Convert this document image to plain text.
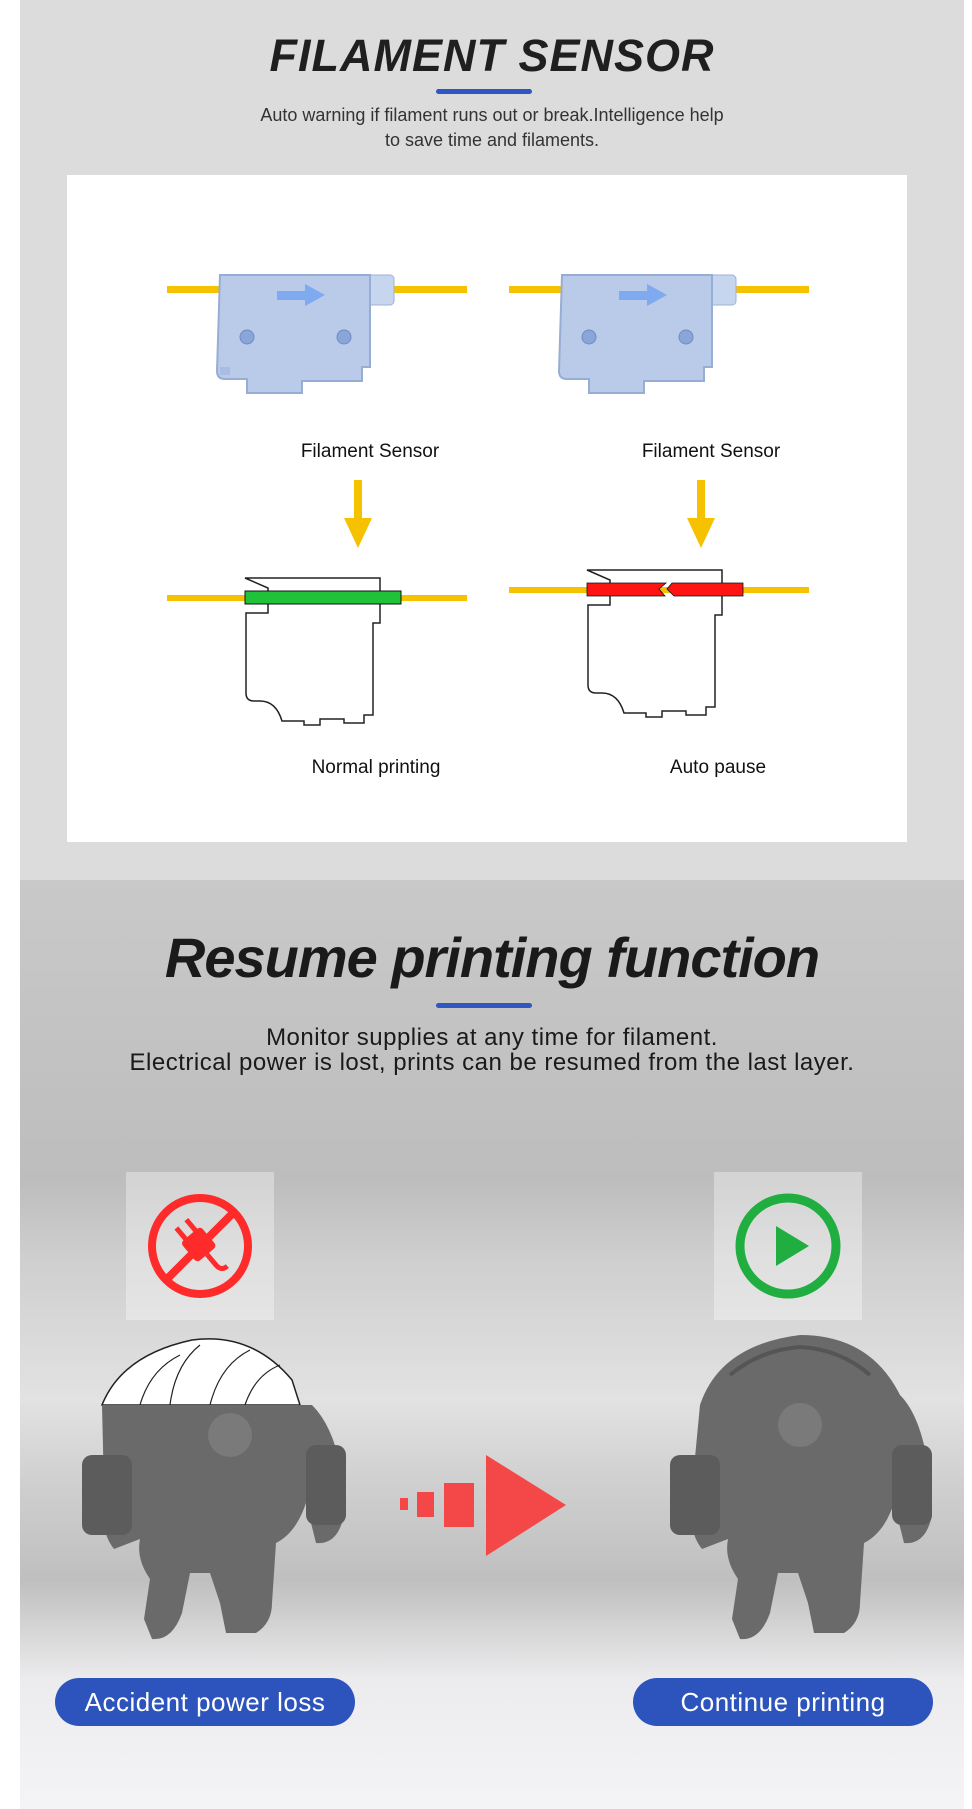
FILAMENT SENSOR
Auto warning if filament runs out or break.Intelligence help
to save time and filaments.
Filament Sensor	Filament Sensor
Normal printing	Auto pause
Resume printing function
Monitor supplies at any time for filament.
Electrical power is lost, prints can be resumed from the last layer.
Accident power loss	Continue printing
